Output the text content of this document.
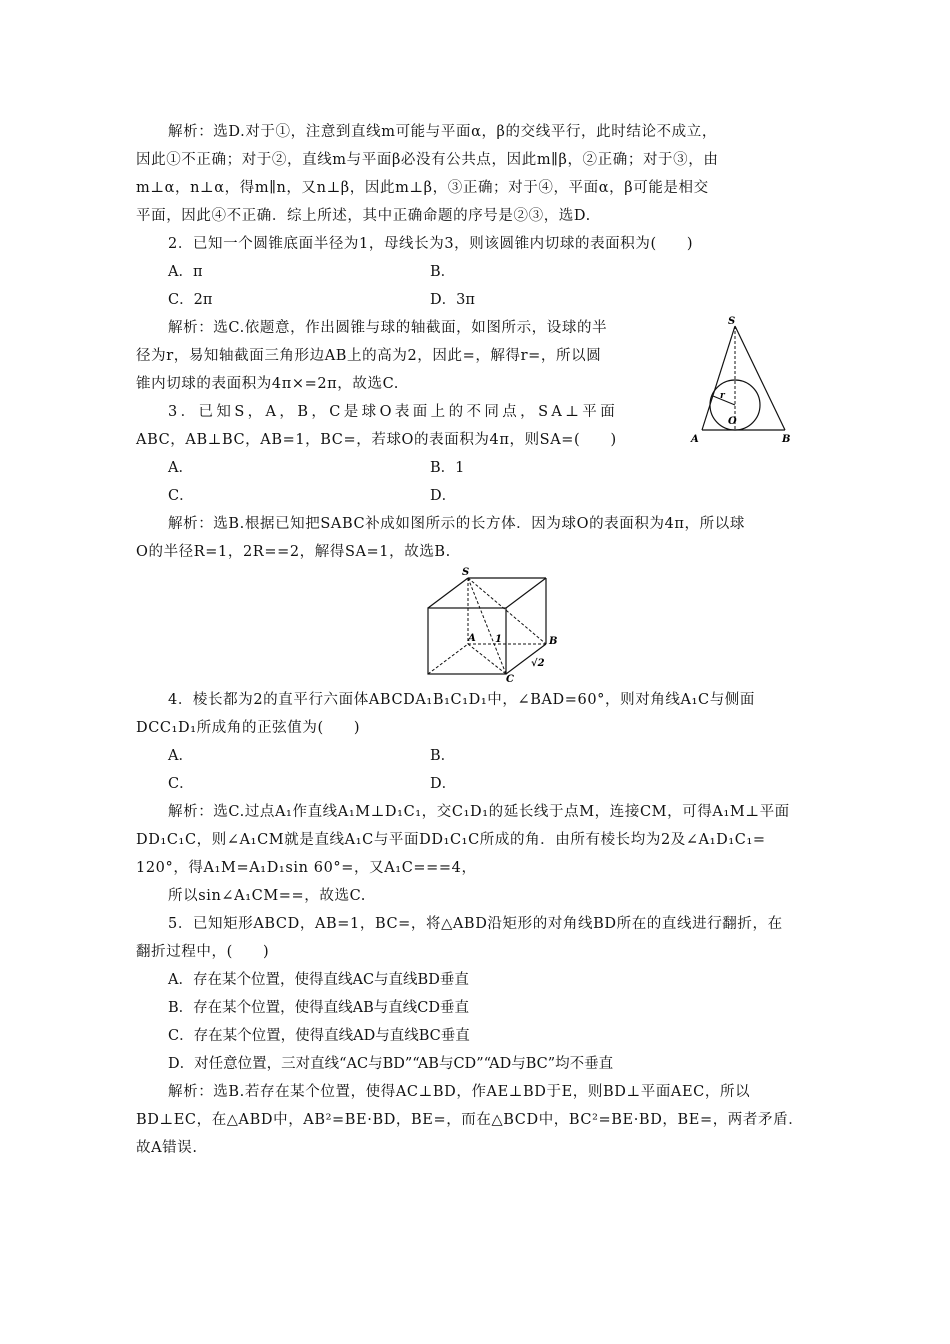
解析：选D.对于①，注意到直线m可能与平面α，β的交线平行，此时结论不成立，
因此①不正确；对于②，直线m与平面β必没有公共点，因此m∥β，②正确；对于③，由
m⊥α，n⊥α，得m∥n，又n⊥β，因此m⊥β，③正确；对于④，平面α，β可能是相交
平面，因此④不正确．综上所述，其中正确命题的序号是②③，选D.
2．已知一个圆锥底面半径为1，母线长为3，则该圆锥内切球的表面积为(　　)
A．π	B．
C．2π	D．3π
解析：选C.依题意，作出圆锥与球的轴截面，如图所示，设球的半
径为r，易知轴截面三角形边AB上的高为2，因此=，解得r=，所以圆
锥内切球的表面积为4π×=2π，故选C.
S
A	B
O
r
3．已知S，A，B，C是球O表面上的不同点，SA⊥平面
ABC，AB⊥BC，AB=1，BC=，若球O的表面积为4π，则SA=(　　)
A．	B．1
C．	D．
解析：选B.根据已知把SABC补成如图所示的长方体．因为球O的表面积为4π，所以球
O的半径R=1，2R==2，解得SA=1，故选B.
S
A 1	B
√2
C
4．棱长都为2的直平行六面体ABCDA₁B₁C₁D₁中，∠BAD=60°，则对角线A₁C与侧面
DCC₁D₁所成角的正弦值为(　　)
A．	B．
C．	D．
解析：选C.过点A₁作直线A₁M⊥D₁C₁，交C₁D₁的延长线于点M，连接CM，可得A₁M⊥平面
DD₁C₁C，则∠A₁CM就是直线A₁C与平面DD₁C₁C所成的角．由所有棱长均为2及∠A₁D₁C₁=
120°，得A₁M=A₁D₁sin 60°=，又A₁C===4，
所以sin∠A₁CM==，故选C.
5．已知矩形ABCD，AB=1，BC=，将△ABD沿矩形的对角线BD所在的直线进行翻折，在
翻折过程中，(　　)
A．存在某个位置，使得直线AC与直线BD垂直
B．存在某个位置，使得直线AB与直线CD垂直
C．存在某个位置，使得直线AD与直线BC垂直
D．对任意位置，三对直线“AC与BD”“AB与CD”“AD与BC”均不垂直
解析：选B.若存在某个位置，使得AC⊥BD，作AE⊥BD于E，则BD⊥平面AEC，所以
BD⊥EC，在△ABD中，AB²=BE·BD，BE=，而在△BCD中，BC²=BE·BD，BE=，两者矛盾．
故A错误.
